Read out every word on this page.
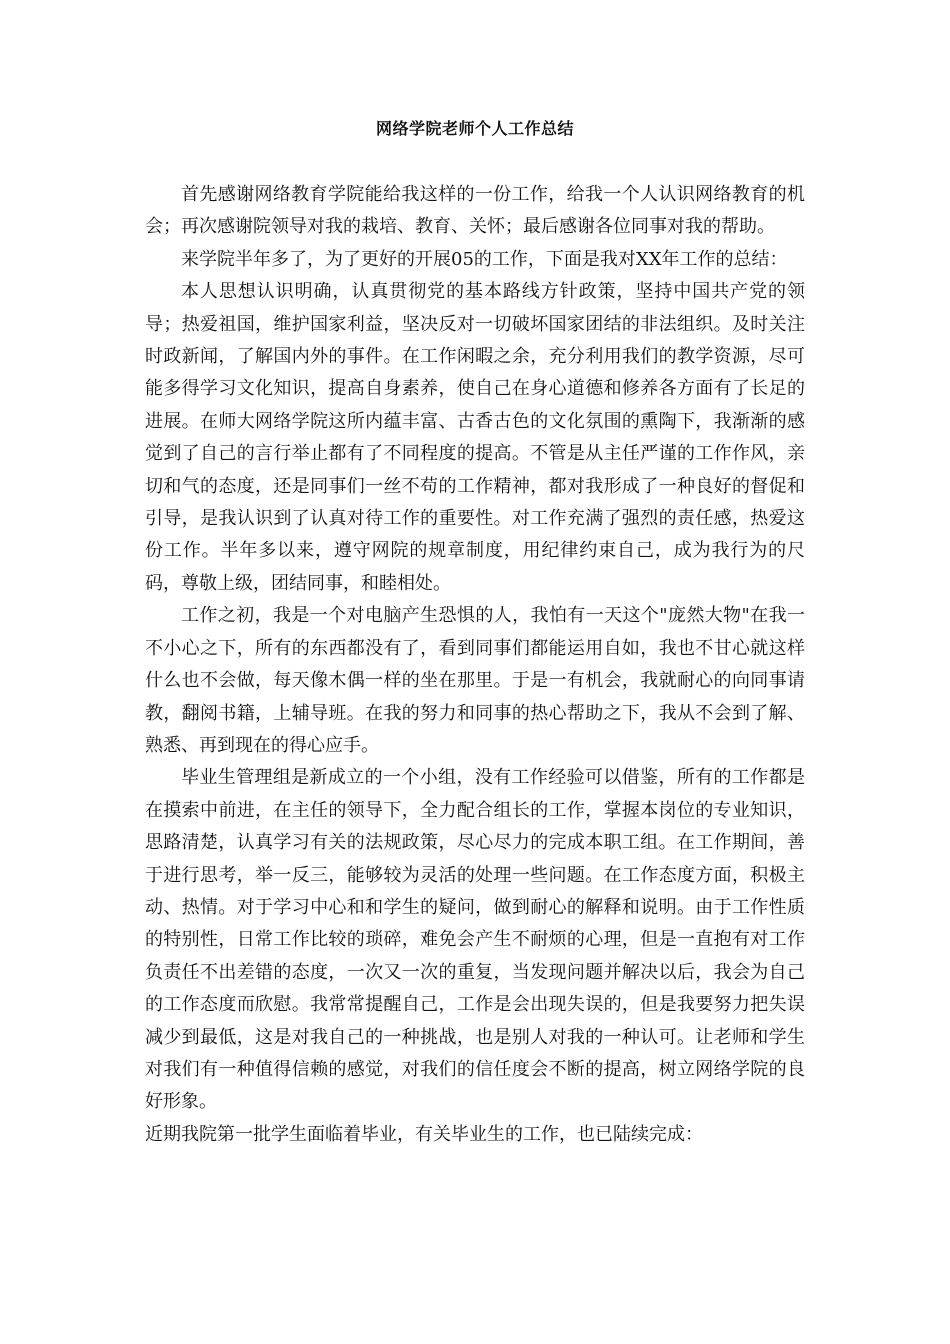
网络学院老师个人工作总结

首先感谢网络教育学院能给我这样的一份工作，给我一个人认识网络教育的机会；再次感谢院领导对我的栽培、教育、关怀；最后感谢各位同事对我的帮助。

来学院半年多了，为了更好的开展05的工作，下面是我对XX年工作的总结：

本人思想认识明确，认真贯彻党的基本路线方针政策，坚持中国共产党的领导；热爱祖国，维护国家利益，坚决反对一切破坏国家团结的非法组织。及时关注时政新闻，了解国内外的事件。在工作闲暇之余，充分利用我们的教学资源，尽可能多得学习文化知识，提高自身素养，使自己在身心道德和修养各方面有了长足的进展。在师大网络学院这所内蕴丰富、古香古色的文化氛围的熏陶下，我渐渐的感觉到了自己的言行举止都有了不同程度的提高。不管是从主任严谨的工作作风，亲切和气的态度，还是同事们一丝不苟的工作精神，都对我形成了一种良好的督促和引导，是我认识到了认真对待工作的重要性。对工作充满了强烈的责任感，热爱这份工作。半年多以来，遵守网院的规章制度，用纪律约束自己，成为我行为的尺码，尊敬上级，团结同事，和睦相处。

工作之初，我是一个对电脑产生恐惧的人，我怕有一天这个"庞然大物"在我一不小心之下，所有的东西都没有了，看到同事们都能运用自如，我也不甘心就这样什么也不会做，每天像木偶一样的坐在那里。于是一有机会，我就耐心的向同事请教，翻阅书籍，上辅导班。在我的努力和同事的热心帮助之下，我从不会到了解、熟悉、再到现在的得心应手。

毕业生管理组是新成立的一个小组，没有工作经验可以借鉴，所有的工作都是在摸索中前进，在主任的领导下，全力配合组长的工作，掌握本岗位的专业知识，思路清楚，认真学习有关的法规政策，尽心尽力的完成本职工组。在工作期间，善于进行思考，举一反三，能够较为灵活的处理一些问题。在工作态度方面，积极主动、热情。对于学习中心和和学生的疑问，做到耐心的解释和说明。由于工作性质的特别性，日常工作比较的琐碎，难免会产生不耐烦的心理，但是一直抱有对工作负责任不出差错的态度，一次又一次的重复，当发现问题并解决以后，我会为自己的工作态度而欣慰。我常常提醒自己，工作是会出现失误的，但是我要努力把失误减少到最低，这是对我自己的一种挑战，也是别人对我的一种认可。让老师和学生对我们有一种值得信赖的感觉，对我们的信任度会不断的提高，树立网络学院的良好形象。

近期我院第一批学生面临着毕业，有关毕业生的工作，也已陆续完成：
